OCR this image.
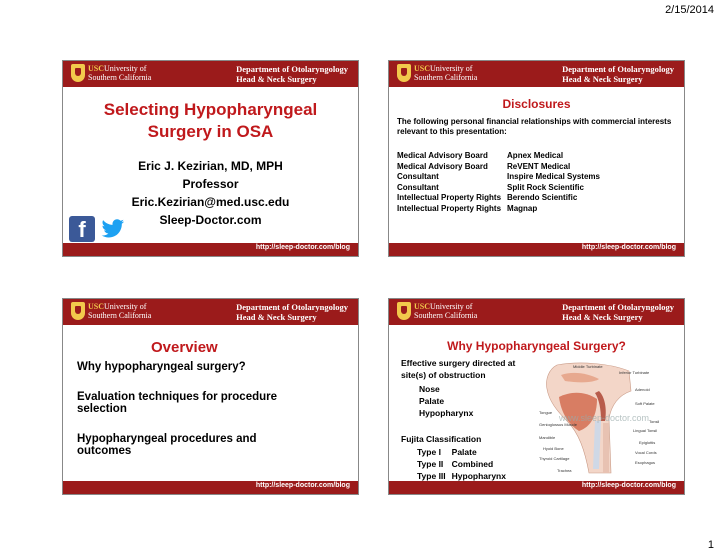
2/15/2014
USCUniversity of
Southern California
Department of Otolaryngology
Head & Neck Surgery
Selecting Hypopharyngeal
Surgery in OSA
Eric J. Kezirian, MD, MPH
Professor
Eric.Kezirian@med.usc.edu
Sleep-Doctor.com
f
http://sleep-doctor.com/blog
USCUniversity of
Southern California
Department of Otolaryngology
Head & Neck Surgery
Disclosures
The following personal financial relationships with commercial interests relevant to this presentation:
Medical Advisory Board	Apnex Medical
Medical Advisory Board	ReVENT Medical
Consultant	Inspire Medical Systems
Consultant	Split Rock Scientific
Intellectual Property Rights	Berendo Scientific
Intellectual Property Rights	Magnap
http://sleep-doctor.com/blog
USCUniversity of
Southern California
Department of Otolaryngology
Head & Neck Surgery
Overview
Why hypopharyngeal surgery?
Evaluation techniques for procedure selection
Hypopharyngeal procedures and outcomes
http://sleep-doctor.com/blog
USCUniversity of
Southern California
Department of Otolaryngology
Head & Neck Surgery
Why Hypopharyngeal Surgery?
Effective surgery directed at
site(s) of obstruction
Nose
Palate
Hypopharynx
Fujita Classification
Type I	Palate
Type II	Combined
Type III	Hypopharynx
Middle Turbinate
Inferior Turbinate
Adenoid
Soft Palate
Tongue
Tonsil
Genioglossus Muscle
Lingual Tonsil
Mandible
Epiglottis
Hyoid Bone
Vocal Cords
Thyroid Cartilage
Esophagus
Trachea
www.sleep-doctor.com
http://sleep-doctor.com/blog
1
